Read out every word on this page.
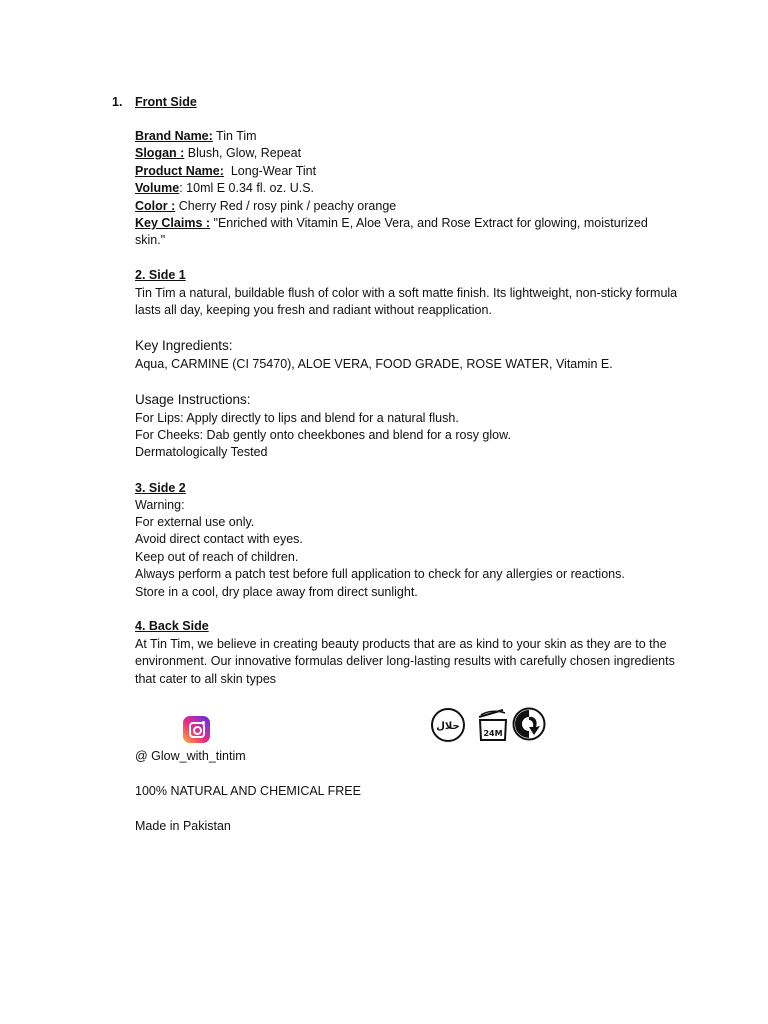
1. Front Side
Brand Name: Tin Tim
Slogan : Blush, Glow, Repeat
Product Name:  Long-Wear Tint
Volume: 10ml E 0.34 fl. oz. U.S.
Color : Cherry Red / rosy pink / peachy orange
Key Claims : "Enriched with Vitamin E, Aloe Vera, and Rose Extract for glowing, moisturized skin."
2. Side 1
Tin Tim a natural, buildable flush of color with a soft matte finish. Its lightweight, non-sticky formula lasts all day, keeping you fresh and radiant without reapplication.
Key Ingredients:
Aqua, CARMINE (CI 75470), ALOE VERA, FOOD GRADE, ROSE WATER, Vitamin E.
Usage Instructions:
For Lips: Apply directly to lips and blend for a natural flush.
For Cheeks: Dab gently onto cheekbones and blend for a rosy glow.
Dermatologically Tested
3. Side 2
Warning:
For external use only.
Avoid direct contact with eyes.
Keep out of reach of children.
Always perform a patch test before full application to check for any allergies or reactions.
Store in a cool, dry place away from direct sunlight.
4. Back Side
At Tin Tim, we believe in creating beauty products that are as kind to your skin as they are to the environment. Our innovative formulas deliver long-lasting results with carefully chosen ingredients that cater to all skin types
حلال
24M
@ Glow_with_tintim
100% NATURAL AND CHEMICAL FREE
Made in Pakistan
